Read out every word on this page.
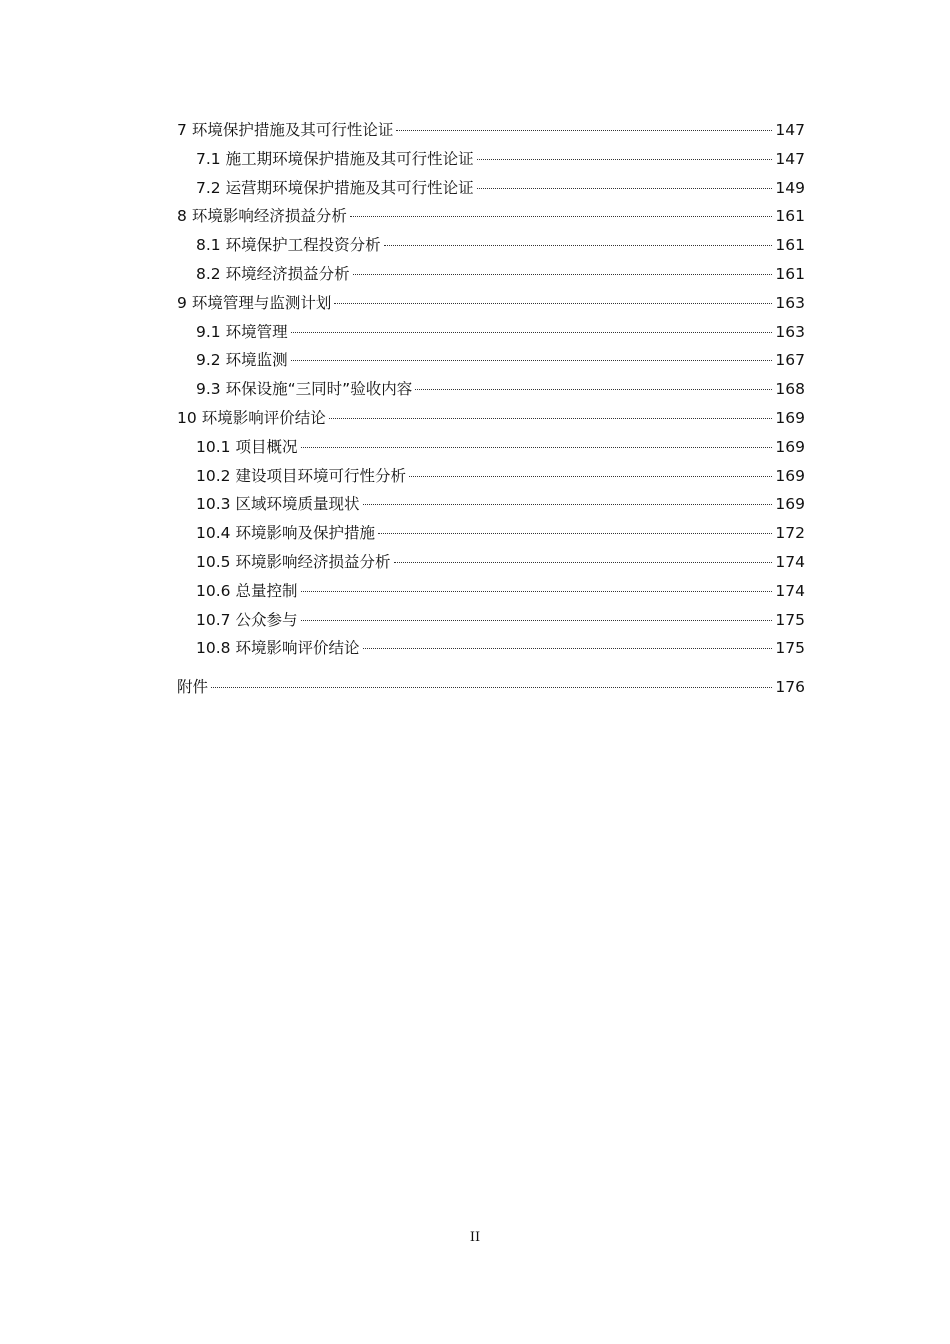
7 环境保护措施及其可行性论证	147
7.1 施工期环境保护措施及其可行性论证	147
7.2 运营期环境保护措施及其可行性论证	149
8 环境影响经济损益分析	161
8.1 环境保护工程投资分析	161
8.2 环境经济损益分析	161
9 环境管理与监测计划	163
9.1 环境管理	163
9.2 环境监测	167
9.3 环保设施“三同时”验收内容	168
10 环境影响评价结论	169
10.1 项目概况	169
10.2 建设项目环境可行性分析	169
10.3 区域环境质量现状	169
10.4 环境影响及保护措施	172
10.5 环境影响经济损益分析	174
10.6 总量控制	174
10.7 公众参与	175
10.8 环境影响评价结论	175
附件	176
II
